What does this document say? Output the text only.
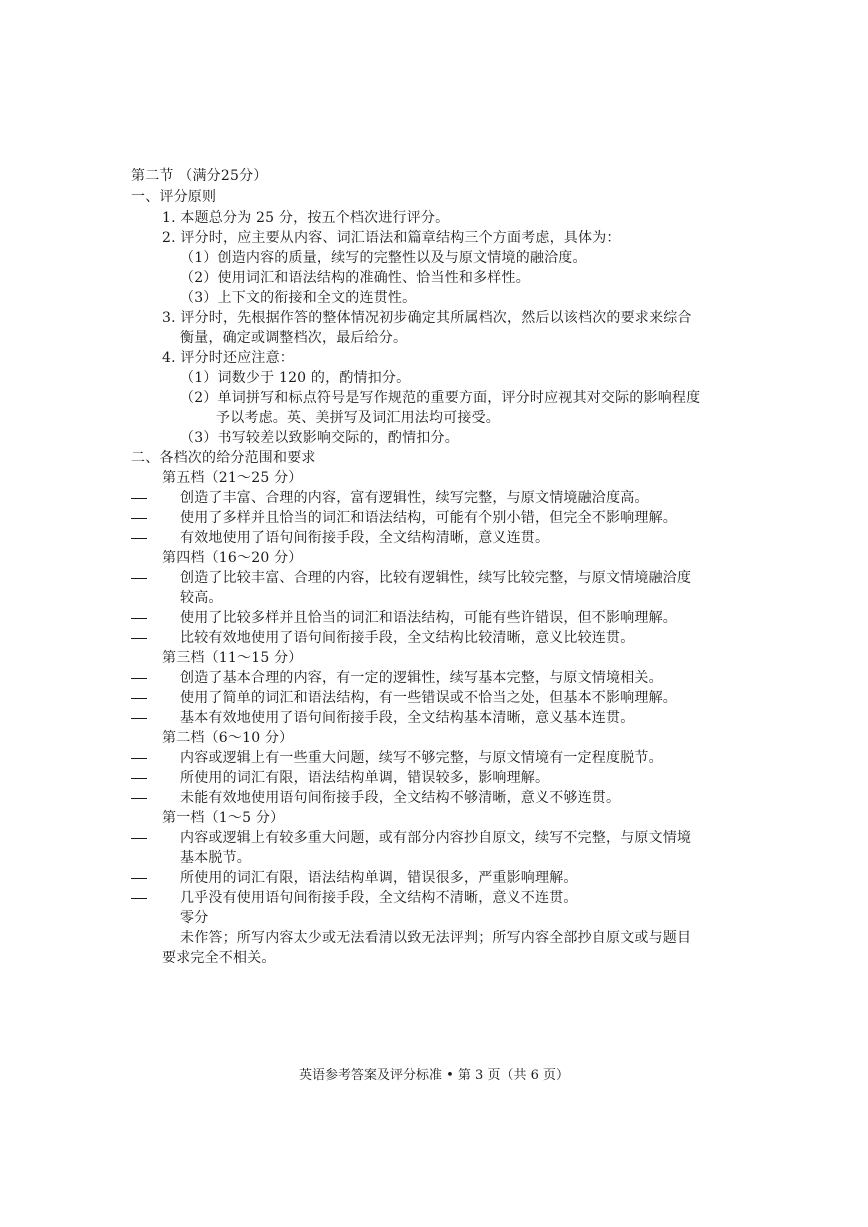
第二节 （满分25分）
一、评分原则
1. 本题总分为 25 分，按五个档次进行评分。
2. 评分时，应主要从内容、词汇语法和篇章结构三个方面考虑，具体为：
（1）创造内容的质量，续写的完整性以及与原文情境的融洽度。
（2）使用词汇和语法结构的准确性、恰当性和多样性。
（3）上下文的衔接和全文的连贯性。
3. 评分时，先根据作答的整体情况初步确定其所属档次，然后以该档次的要求来综合
衡量，确定或调整档次，最后给分。
4. 评分时还应注意：
（1）词数少于 120 的，酌情扣分。
（2）单词拼写和标点符号是写作规范的重要方面，评分时应视其对交际的影响程度
予以考虑。英、美拼写及词汇用法均可接受。
（3）书写较差以致影响交际的，酌情扣分。
二、各档次的给分范围和要求
第五档（21～25 分）
创造了丰富、合理的内容，富有逻辑性，续写完整，与原文情境融洽度高。
使用了多样并且恰当的词汇和语法结构，可能有个别小错，但完全不影响理解。
有效地使用了语句间衔接手段，全文结构清晰，意义连贯。
第四档（16～20 分）
创造了比较丰富、合理的内容，比较有逻辑性，续写比较完整，与原文情境融洽度
较高。
使用了比较多样并且恰当的词汇和语法结构，可能有些许错误，但不影响理解。
比较有效地使用了语句间衔接手段，全文结构比较清晰，意义比较连贯。
第三档（11～15 分）
创造了基本合理的内容，有一定的逻辑性，续写基本完整，与原文情境相关。
使用了简单的词汇和语法结构，有一些错误或不恰当之处，但基本不影响理解。
基本有效地使用了语句间衔接手段，全文结构基本清晰，意义基本连贯。
第二档（6～10 分）
内容或逻辑上有一些重大问题，续写不够完整，与原文情境有一定程度脱节。
所使用的词汇有限，语法结构单调，错误较多，影响理解。
未能有效地使用语句间衔接手段，全文结构不够清晰，意义不够连贯。
第一档（1～5 分）
内容或逻辑上有较多重大问题，或有部分内容抄自原文，续写不完整，与原文情境
基本脱节。
所使用的词汇有限，语法结构单调，错误很多，严重影响理解。
几乎没有使用语句间衔接手段，全文结构不清晰，意义不连贯。
零分
未作答；所写内容太少或无法看清以致无法评判；所写内容全部抄自原文或与题目
要求完全不相关。
英语参考答案及评分标准 • 第 3 页（共 6 页）
